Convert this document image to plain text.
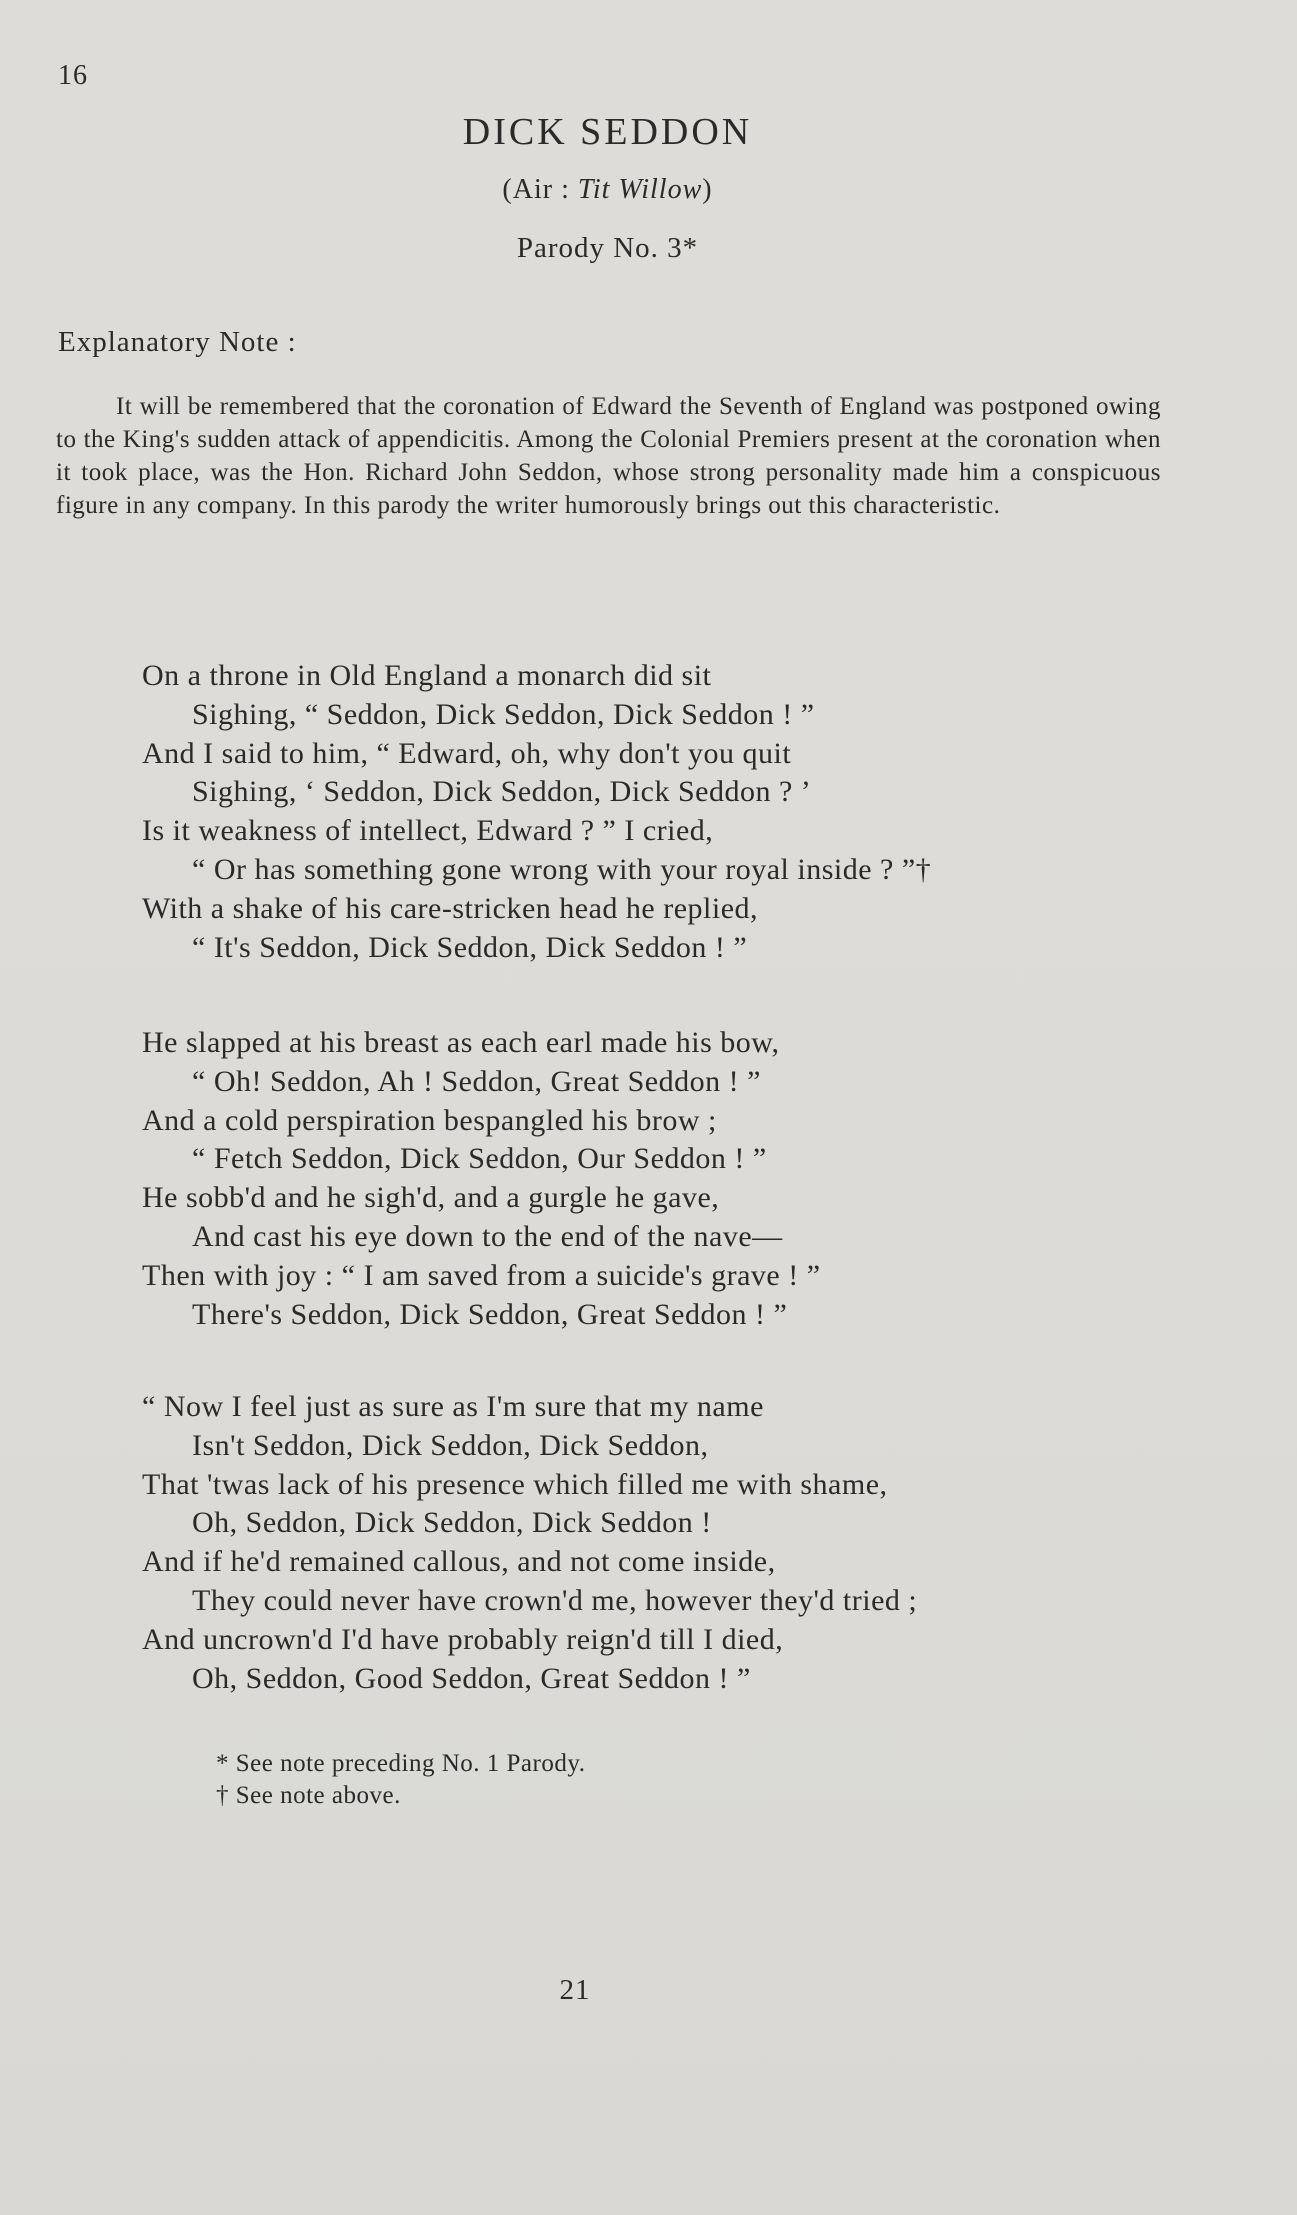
16
DICK SEDDON
(Air : Tit Willow)
Parody No. 3*
Explanatory Note :
It will be remembered that the coronation of Edward the Seventh of England was postponed owing to the King's sudden attack of appendicitis. Among the Colonial Premiers present at the coronation when it took place, was the Hon. Richard John Seddon, whose strong personality made him a conspicuous figure in any company. In this parody the writer humorously brings out this characteristic.
On a throne in Old England a monarch did sit
Sighing, “ Seddon, Dick Seddon, Dick Seddon ! ”
And I said to him, “ Edward, oh, why don't you quit
Sighing, ‘ Seddon, Dick Seddon, Dick Seddon ? ’
Is it weakness of intellect, Edward ? ” I cried,
“ Or has something gone wrong with your royal inside ? ”†
With a shake of his care-stricken head he replied,
“ It's Seddon, Dick Seddon, Dick Seddon ! ”
He slapped at his breast as each earl made his bow,
“ Oh! Seddon, Ah ! Seddon, Great Seddon ! ”
And a cold perspiration bespangled his brow ;
“ Fetch Seddon, Dick Seddon, Our Seddon ! ”
He sobb'd and he sigh'd, and a gurgle he gave,
And cast his eye down to the end of the nave—
Then with joy : “ I am saved from a suicide's grave ! ”
There's Seddon, Dick Seddon, Great Seddon ! ”
“ Now I feel just as sure as I'm sure that my name
Isn't Seddon, Dick Seddon, Dick Seddon,
That 'twas lack of his presence which filled me with shame,
Oh, Seddon, Dick Seddon, Dick Seddon !
And if he'd remained callous, and not come inside,
They could never have crown'd me, however they'd tried ;
And uncrown'd I'd have probably reign'd till I died,
Oh, Seddon, Good Seddon, Great Seddon ! ”
* See note preceding No. 1 Parody.
† See note above.
21
